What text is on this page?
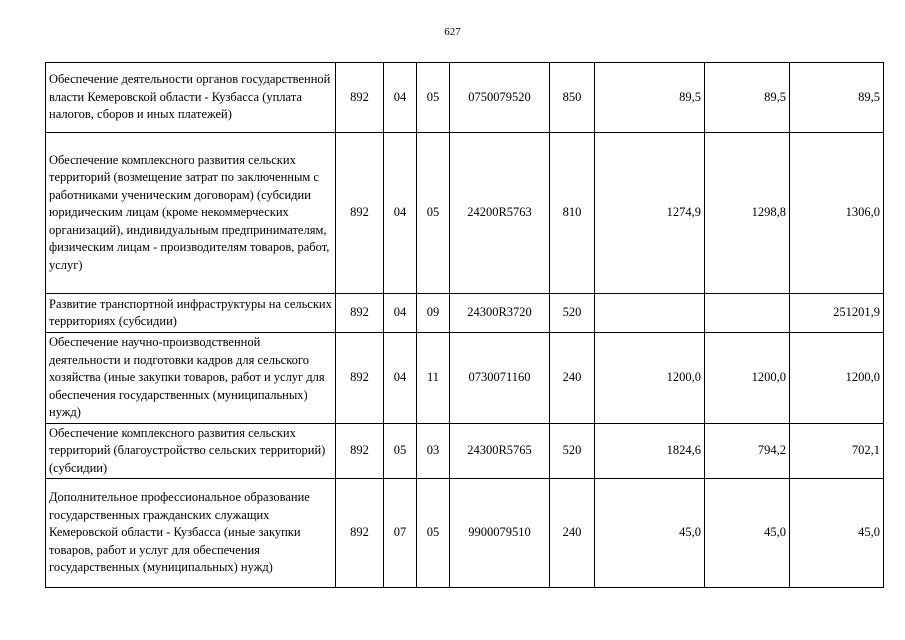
627
Обеспечение деятельности органов государственной власти Кемеровской области - Кузбасса (уплата налогов, сборов и иных платежей)	892	04	05	0750079520	850	89,5	89,5	89,5
Обеспечение комплексного развития сельских территорий (возмещение затрат по заключенным с работниками ученическим договорам) (субсидии юридическим лицам (кроме некоммерческих организаций), индивидуальным предпринимателям, физическим лицам - производителям товаров, работ, услуг)	892	04	05	24200R5763	810	1274,9	1298,8	1306,0
Развитие транспортной инфраструктуры на сельских территориях (субсидии)	892	04	09	24300R3720	520			251201,9
Обеспечение научно-производственной деятельности и подготовки кадров для сельского хозяйства (иные закупки товаров, работ и услуг для обеспечения государственных (муниципальных) нужд)	892	04	11	0730071160	240	1200,0	1200,0	1200,0
Обеспечение комплексного развития сельских территорий (благоустройство сельских территорий) (субсидии)	892	05	03	24300R5765	520	1824,6	794,2	702,1
Дополнительное профессиональное образование государственных гражданских служащих Кемеровской области - Кузбасса (иные закупки товаров, работ и услуг для обеспечения государственных (муниципальных) нужд)	892	07	05	9900079510	240	45,0	45,0	45,0
